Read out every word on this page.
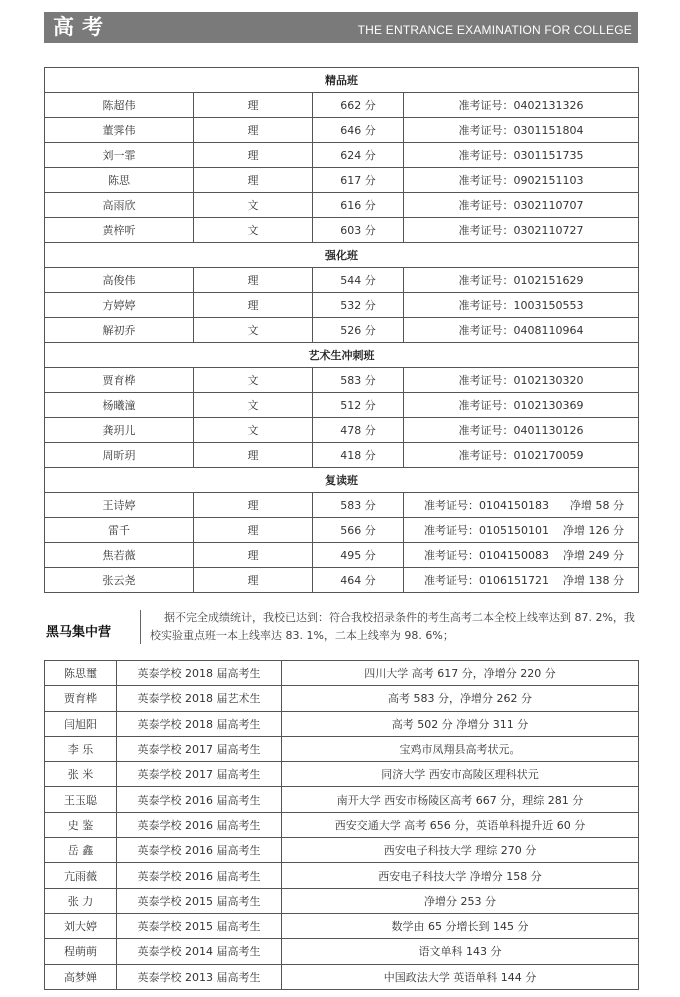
高考	THE ENTRANCE EXAMINATION FOR COLLEGE
精品班			
陈超伟	理	662 分	准考证号：0402131326
董霁伟	理	646 分	准考证号：0301151804
刘一霏	理	624 分	准考证号：0301151735
陈思	理	617 分	准考证号：0902151103
高雨欣	文	616 分	准考证号：0302110707
黄梓听	文	603 分	准考证号：0302110727
强化班			
高俊伟	理	544 分	准考证号：0102151629
方婷婷	理	532 分	准考证号：1003150553
解初乔	文	526 分	准考证号：0408110964
艺术生冲刺班			
贾育桦	文	583 分	准考证号：0102130320
杨曦潼	文	512 分	准考证号：0102130369
龚玥儿	文	478 分	准考证号：0401130126
周昕玥	理	418 分	准考证号：0102170059
复读班			
王诗婷	理	583 分	准考证号：0104150183 净增 58 分

雷千	理	566 分	准考证号：0105150101 净增 126 分

焦若薇	理	495 分	准考证号：0104150083 净增 249 分

张云尧	理	464 分	准考证号：0106151721 净增 138 分
黑马集中营
据不完全成绩统计，我校已达到：符合我校招录条件的考生高考二本全校上线率达到 87. 2%，我校实验重点班一本上线率达 83. 1%，二本上线率为 98. 6%；
陈思璽	英泰学校 2018 届高考生	四川大学 高考 617 分，净增分 220 分
贾育桦	英泰学校 2018 届艺术生	高考 583 分，净增分 262 分
闫旭阳	英泰学校 2018 届高考生	高考 502 分 净增分 311 分
李 乐	英泰学校 2017 届高考生	宝鸡市凤翔县高考状元。
张 米	英泰学校 2017 届高考生	同济大学 西安市高陵区理科状元
王玉聪	英泰学校 2016 届高考生	南开大学 西安市杨陵区高考 667 分，理综 281 分
史 鉴	英泰学校 2016 届高考生	西安交通大学 高考 656 分，英语单科提升近 60 分
岳 鑫	英泰学校 2016 届高考生	西安电子科技大学 理综 270 分
亢雨薇	英泰学校 2016 届高考生	西安电子科技大学 净增分 158 分
张 力	英泰学校 2015 届高考生	净增分 253 分
刘大婷	英泰学校 2015 届高考生	数学由 65 分增长到 145 分
程萌萌	英泰学校 2014 届高考生	语文单科 143 分
高梦婵	英泰学校 2013 届高考生	中国政法大学 英语单科 144 分
